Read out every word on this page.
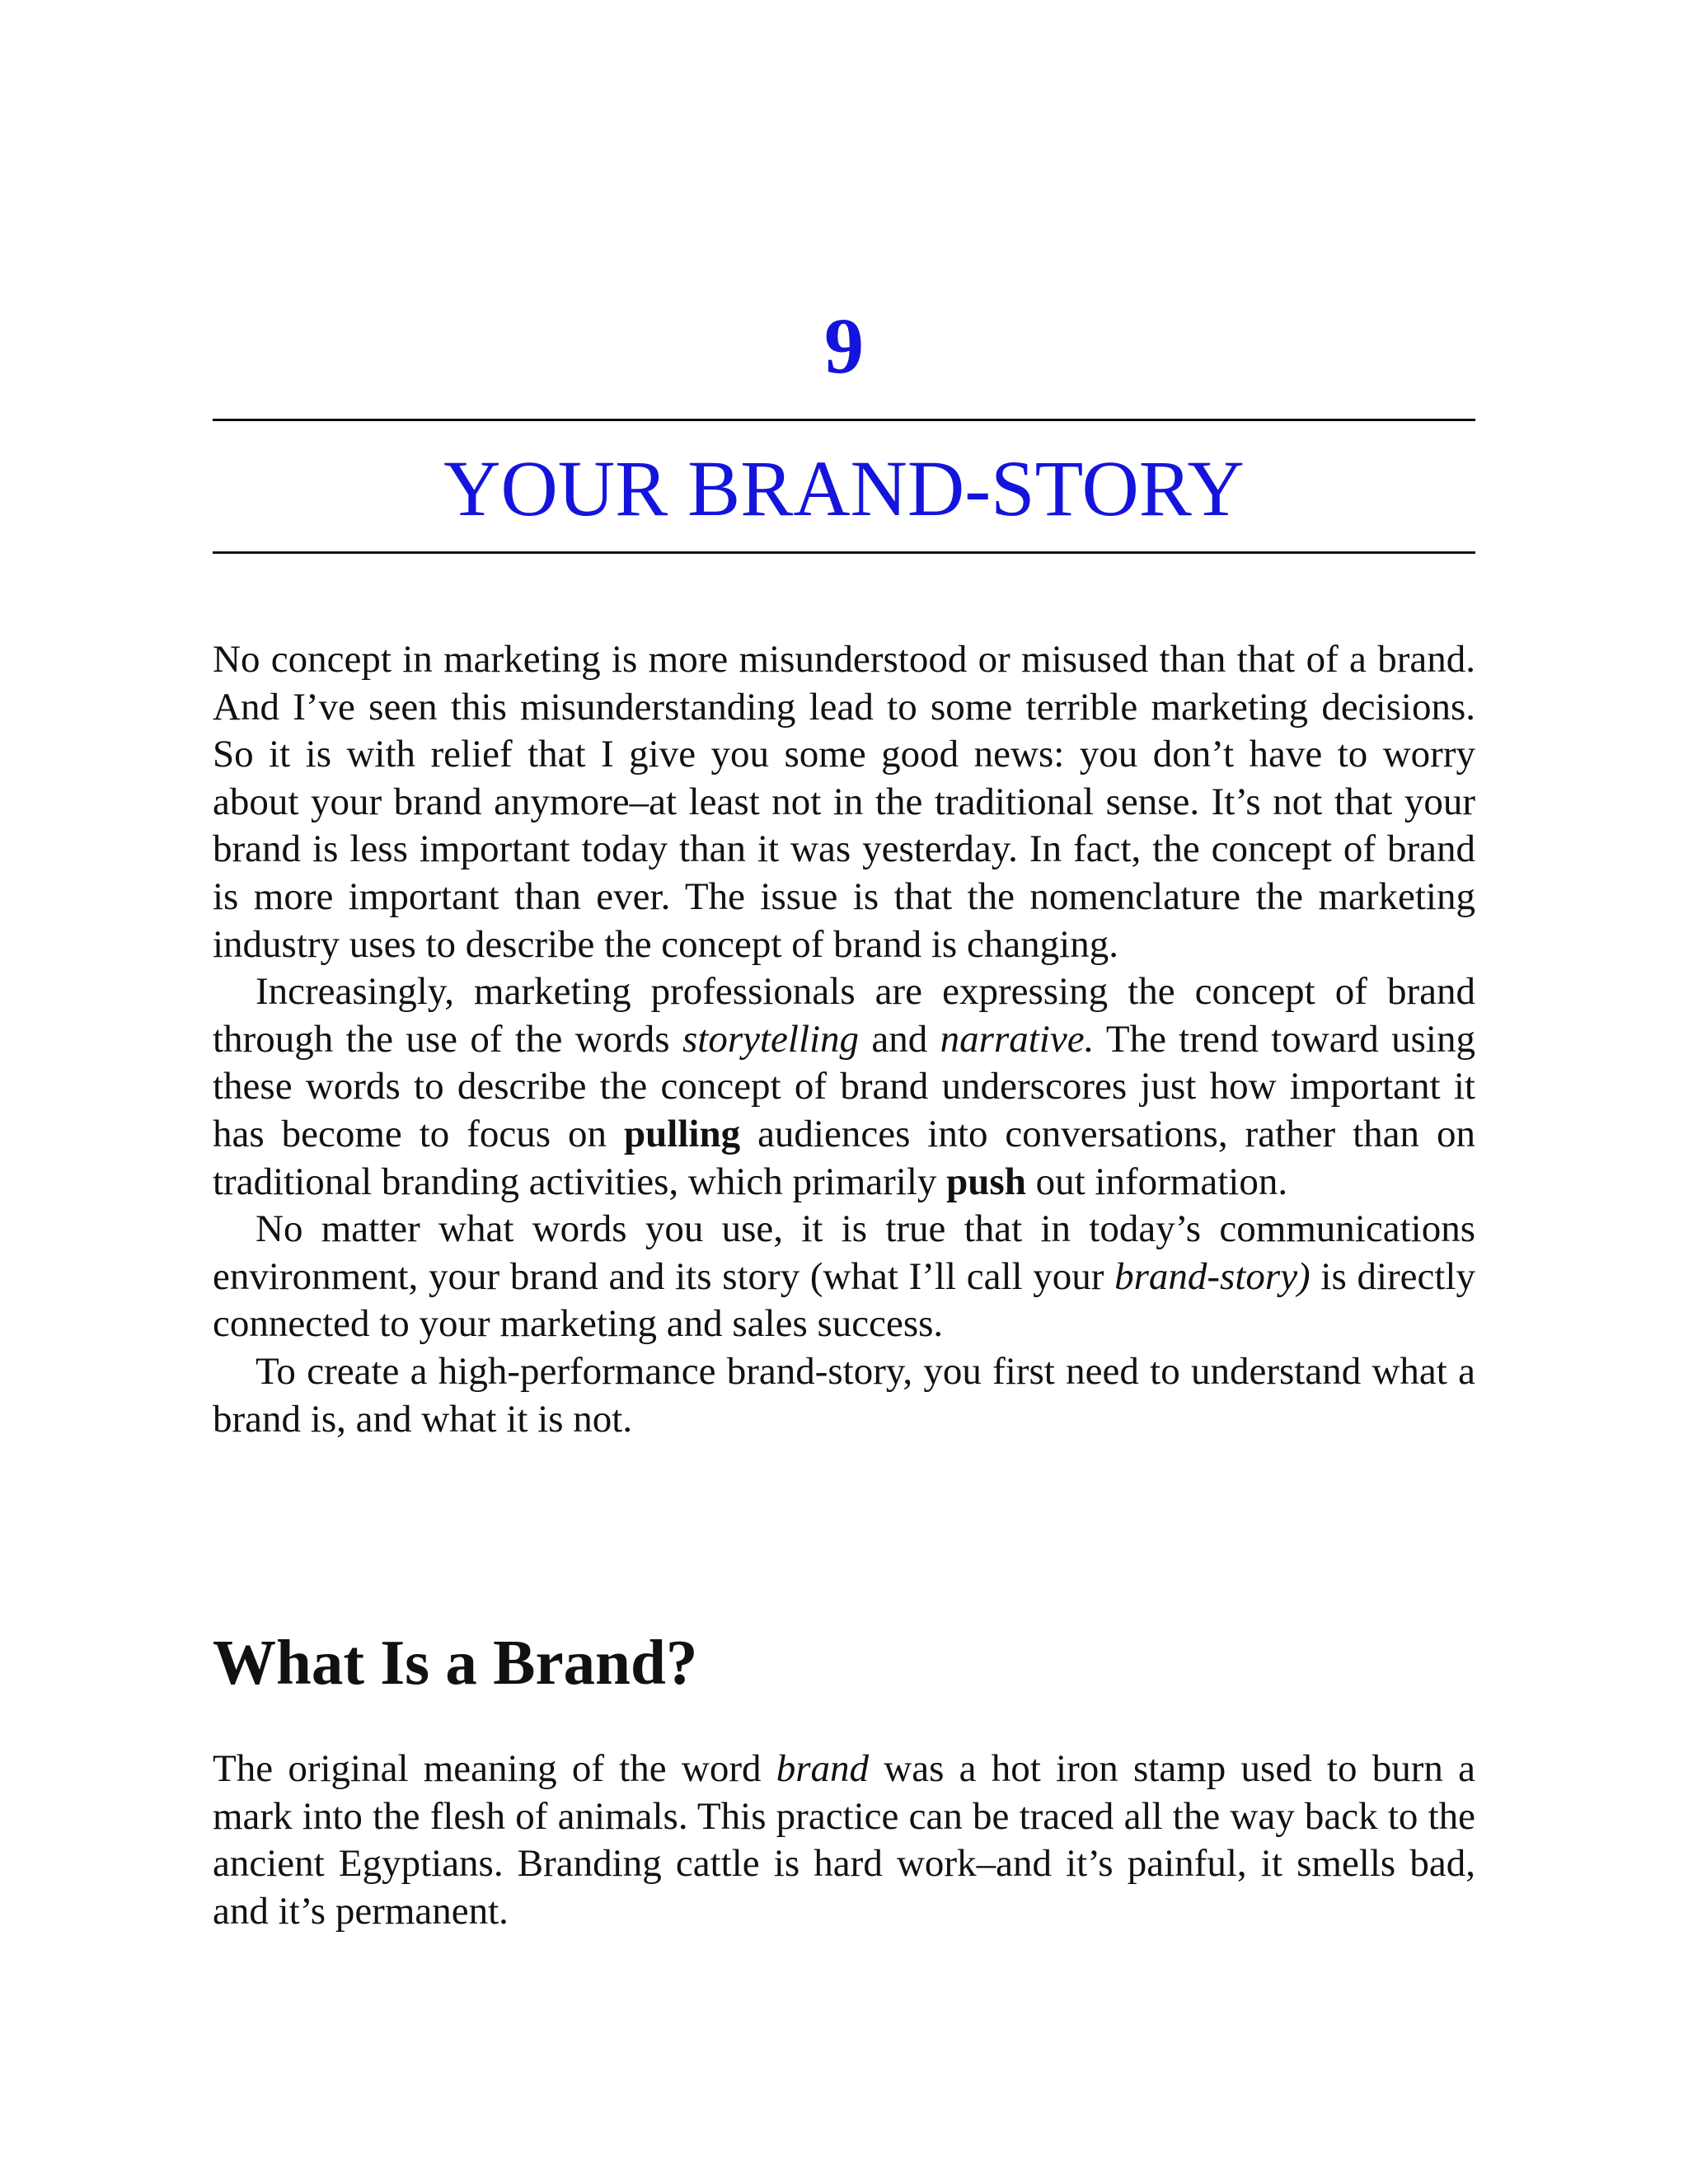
9
YOUR BRAND-STORY

No concept in marketing is more misunderstood or misused than that of a brand. And I’ve seen this misunderstanding lead to some terrible marketing decisions. So it is with relief that I give you some good news: you don’t have to worry about your brand anymore–at least not in the traditional sense. It’s not that your brand is less important today than it was yesterday. In fact, the concept of brand is more important than ever. The issue is that the nomenclature the marketing industry uses to describe the concept of brand is changing.

Increasingly, marketing professionals are expressing the concept of brand through the use of the words storytelling and narrative. The trend toward using these words to describe the concept of brand underscores just how important it has become to focus on pulling audiences into conversations, rather than on traditional branding activities, which primarily push out information.

No matter what words you use, it is true that in today’s communications environment, your brand and its story (what I’ll call your brand-story) is directly connected to your marketing and sales success.

To create a high-performance brand-story, you first need to understand what a brand is, and what it is not.

What Is a Brand?

The original meaning of the word brand was a hot iron stamp used to burn a mark into the flesh of animals. This practice can be traced all the way back to the ancient Egyptians. Branding cattle is hard work–and it’s painful, it smells bad, and it’s permanent.
